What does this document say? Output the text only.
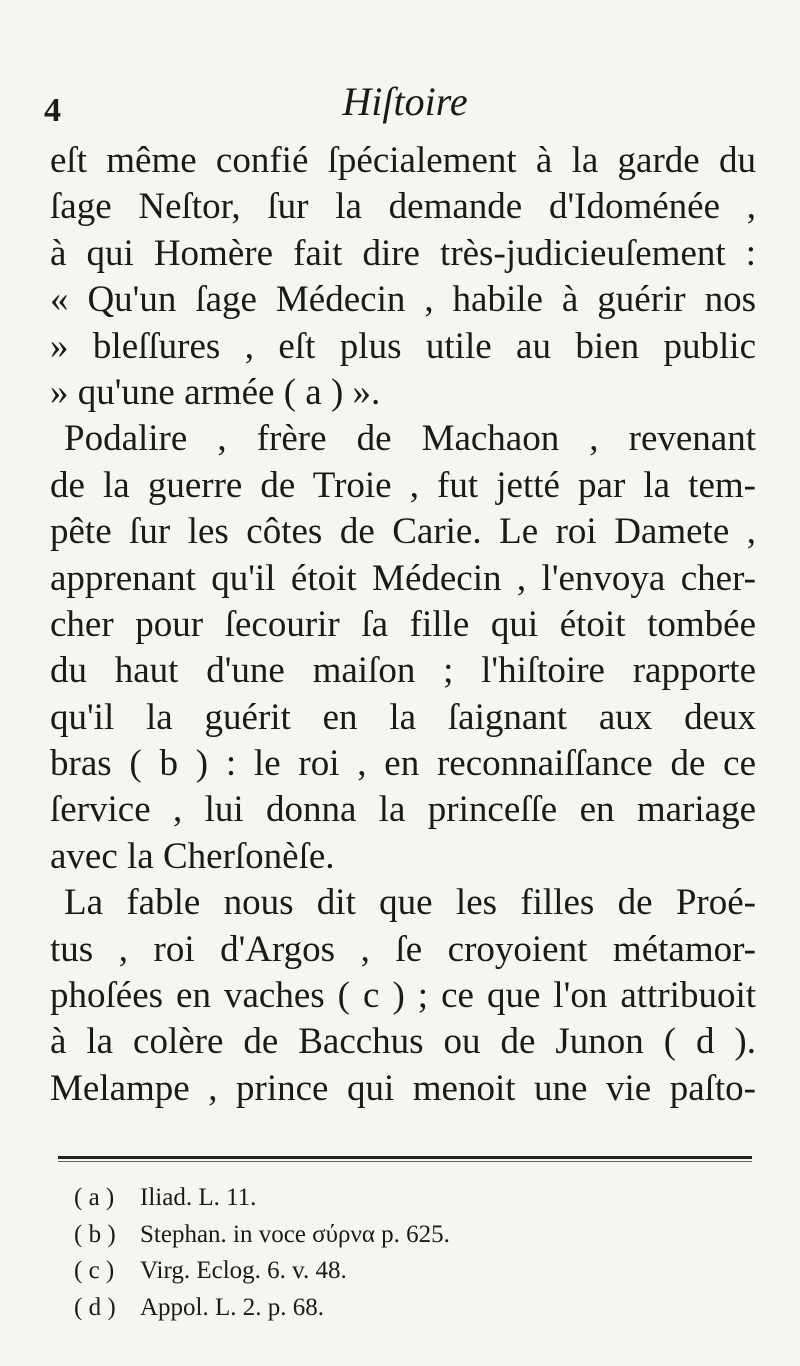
4	Hiſtoire
eſt même confié ſpécialement à la garde du
ſage Neſtor, ſur la demande d'Idoménée ,
à qui Homère fait dire très-judicieuſement :
« Qu'un ſage Médecin , habile à guérir nos
» bleſſures , eſt plus utile au bien public
» qu'une armée ( a ) ».
Podalire , frère de Machaon , revenant
de la guerre de Troie , fut jetté par la tem-
pête ſur les côtes de Carie. Le roi Damete ,
apprenant qu'il étoit Médecin , l'envoya cher-
cher pour ſecourir ſa fille qui étoit tombée
du haut d'une maiſon ; l'hiſtoire rapporte
qu'il la guérit en la ſaignant aux deux
bras ( b ) : le roi , en reconnaiſſance de ce
ſervice , lui donna la princeſſe en mariage
avec la Cherſonèſe.
La fable nous dit que les filles de Proé-
tus , roi d'Argos , ſe croyoient métamor-
phoſées en vaches ( c ) ; ce que l'on attribuoit
à la colère de Bacchus ou de Junon ( d ).
Melampe , prince qui menoit une vie paſto-
( a ) Iliad. L. 11.
( b ) Stephan. in voce σύρνα p. 625.
( c ) Virg. Eclog. 6. v. 48.
( d ) Appol. L. 2. p. 68.
